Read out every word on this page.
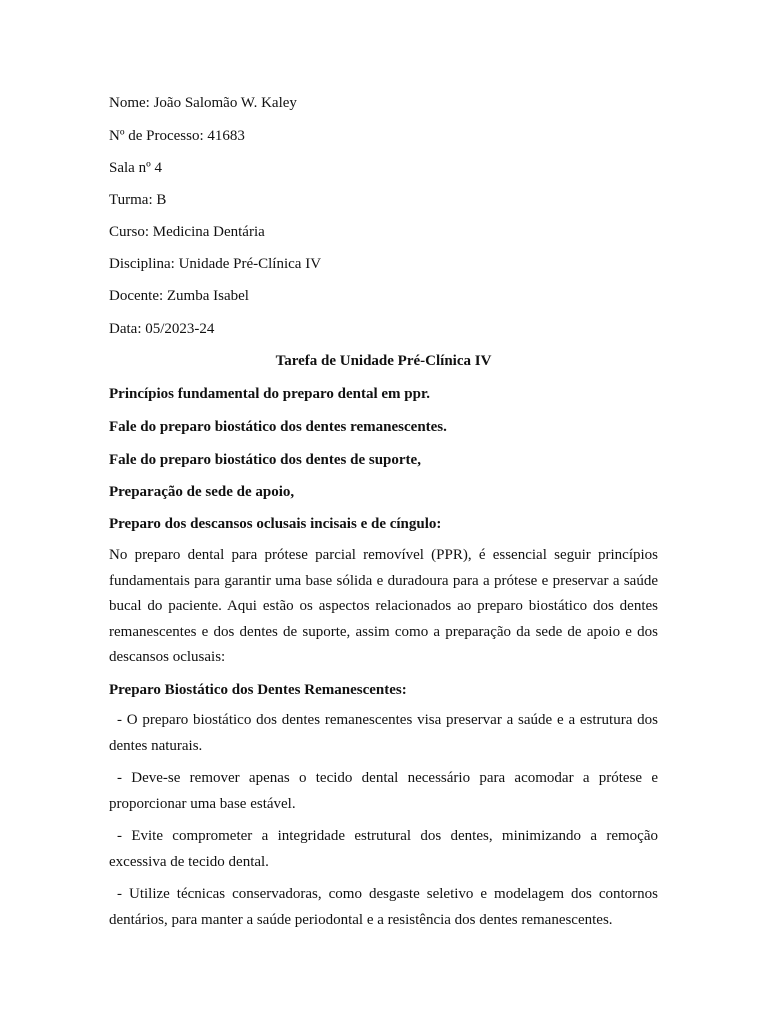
Nome: João Salomão W. Kaley
Nº de Processo: 41683
Sala nº 4
Turma: B
Curso: Medicina Dentária
Disciplina: Unidade Pré-Clínica IV
Docente: Zumba Isabel
Data: 05/2023-24
Tarefa de Unidade Pré-Clínica IV
Princípios fundamental do preparo dental em ppr.
Fale do preparo biostático dos dentes remanescentes.
Fale do preparo biostático dos dentes de suporte,
Preparação de sede de apoio,
Preparo dos descansos oclusais incisais e de cíngulo:
No preparo dental para prótese parcial removível (PPR), é essencial seguir princípios fundamentais para garantir uma base sólida e duradoura para a prótese e preservar a saúde bucal do paciente. Aqui estão os aspectos relacionados ao preparo biostático dos dentes remanescentes e dos dentes de suporte, assim como a preparação da sede de apoio e dos descansos oclusais:
Preparo Biostático dos Dentes Remanescentes:
- O preparo biostático dos dentes remanescentes visa preservar a saúde e a estrutura dos dentes naturais.
- Deve-se remover apenas o tecido dental necessário para acomodar a prótese e proporcionar uma base estável.
- Evite comprometer a integridade estrutural dos dentes, minimizando a remoção excessiva de tecido dental.
- Utilize técnicas conservadoras, como desgaste seletivo e modelagem dos contornos dentários, para manter a saúde periodontal e a resistência dos dentes remanescentes.
